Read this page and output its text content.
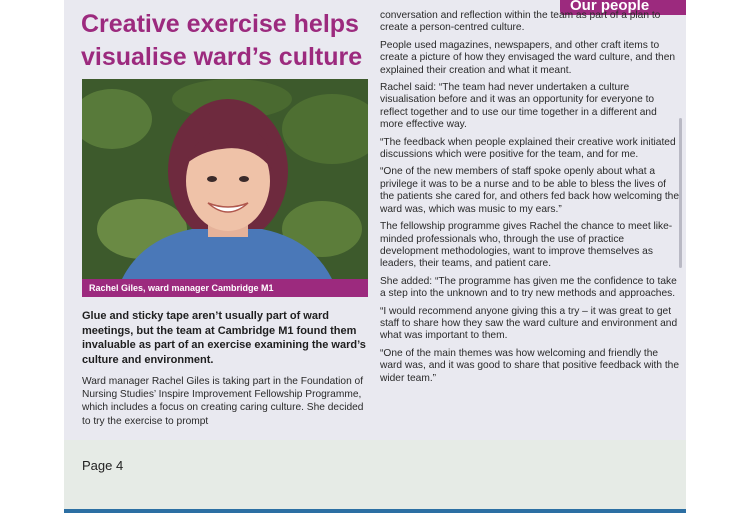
Our people
Creative exercise helps
visualise ward’s culture
Rachel Giles, ward manager Cambridge M1

Glue and sticky tape aren’t usually part of ward meetings, but the team at Cambridge M1 found them invaluable as part of an exercise examining the ward’s culture and environment.

Ward manager Rachel Giles is taking part in the Foundation of Nursing Studies’ Inspire Improvement Fellowship Programme, which includes a focus on creating caring culture. She decided to try the exercise to prompt

conversation and reflection within the team as part of a plan to create a person-centred culture.

People used magazines, newspapers, and other craft items to create a picture of how they envisaged the ward culture, and then explained their creation and what it meant.

Rachel said: “The team had never undertaken a culture visualisation before and it was an opportunity for everyone to reflect together and to use our time together in a different and more effective way.

“The feedback when people explained their creative work initiated discussions which were positive for the team, and for me.

“One of the new members of staff spoke openly about what a privilege it was to be a nurse and to be able to bless the lives of the patients she cared for, and others fed back how welcoming the ward was, which was music to my ears.”

The fellowship programme gives Rachel the chance to meet like-minded professionals who, through the use of practice development methodologies, want to improve themselves as leaders, their teams, and patient care.

She added: “The programme has given me the confidence to take a step into the unknown and to try new methods and approaches.

“I would recommend anyone giving this a try – it was great to get staff to share how they saw the ward culture and environment and what was important to them.

“One of the main themes was how welcoming and friendly the ward was, and it was good to share that positive feedback with the wider team.”

Page 4
